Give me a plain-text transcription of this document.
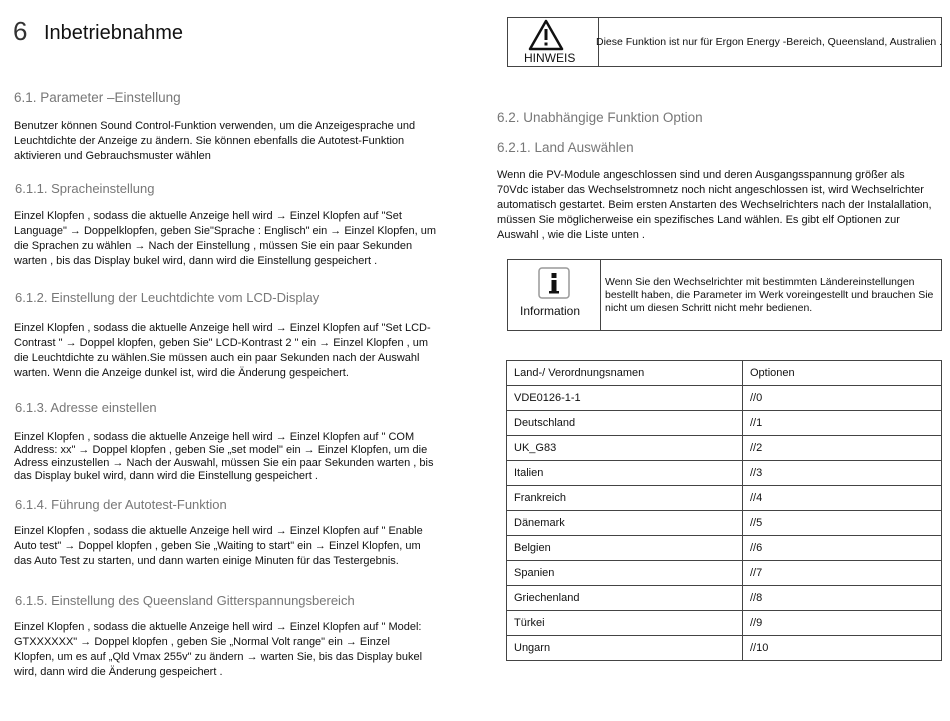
6 Inbetriebnahme
6.1. Parameter –Einstellung

Benutzer können Sound Control-Funktion verwenden, um die Anzeigesprache und

Leuchtdichte der Anzeige zu ändern. Sie können ebenfalls die Autotest-Funktion

aktivieren und Gebrauchsmuster wählen

6.1.1. Spracheinstellung

Einzel Klopfen , sodass die aktuelle Anzeige hell wird → Einzel Klopfen auf "Set

Language" → Doppelklopfen, geben Sie"Sprache : Englisch" ein → Einzel Klopfen, um

die Sprachen zu wählen → Nach der Einstellung , müssen Sie ein paar Sekunden

warten , bis das Display bukel wird, dann wird die Einstellung gespeichert .

6.1.2. Einstellung der Leuchtdichte vom LCD-Display

Einzel Klopfen , sodass die aktuelle Anzeige hell wird → Einzel Klopfen auf "Set LCD-

Contrast " → Doppel klopfen, geben Sie" LCD-Kontrast 2 " ein → Einzel Klopfen , um

die Leuchtdichte zu wählen.Sie müssen auch ein paar Sekunden nach der Auswahl

warten. Wenn die Anzeige dunkel ist, wird die Änderung gespeichert.

6.1.3. Adresse einstellen

Einzel Klopfen , sodass die aktuelle Anzeige hell wird → Einzel Klopfen auf " COM

Address: xx" → Doppel klopfen , geben Sie „set model" ein → Einzel Klopfen, um die

Adress einzustellen → Nach der Auswahl, müssen Sie ein paar Sekunden warten , bis

das Display bukel wird, dann wird die Einstellung gespeichert .

6.1.4. Führung der Autotest-Funktion

Einzel Klopfen , sodass die aktuelle Anzeige hell wird → Einzel Klopfen auf " Enable

Auto test" → Doppel klopfen , geben Sie „Waiting to start" ein → Einzel Klopfen, um

das Auto Test zu starten, und dann warten einige Minuten für das Testergebnis.

6.1.5. Einstellung des Queensland Gitterspannungsbereich

Einzel Klopfen , sodass die aktuelle Anzeige hell wird → Einzel Klopfen auf " Model:

GTXXXXXX" → Doppel klopfen , geben Sie „Normal Volt range" ein → Einzel

Klopfen, um es auf „Qld Vmax 255v" zu ändern → warten Sie, bis das Display bukel

wird, dann wird die Änderung gespeichert .

HINWEIS
Diese Funktion ist nur für Ergon Energy -Bereich, Queensland, Australien .
6.2. Unabhängige Funktion Option
6.2.1. Land Auswählen

Wenn die PV-Module angeschlossen sind und deren Ausgangsspannung größer als

70Vdc istaber das Wechselstromnetz noch nicht angeschlossen ist, wird Wechselrichter

automatisch gestartet. Beim ersten Anstarten des Wechselrichters nach der Instalallation,

müssen Sie möglicherweise ein spezifisches Land wählen. Es gibt elf Optionen zur

Auswahl , wie die Liste unten .

Information
Wenn Sie den Wechselrichter mit bestimmten Ländereinstellungen bestellt haben, die Parameter im Werk voreingestellt und brauchen Sie nicht um diesen Schritt nicht mehr bedienen.
Land-/ Verordnungsnamen	Optionen
VDE0126-1-1	//0
Deutschland	//1
UK_G83	//2
Italien	//3
Frankreich	//4
Dänemark	//5
Belgien	//6
Spanien	//7
Griechenland	//8
Türkei	//9
Ungarn	//10
